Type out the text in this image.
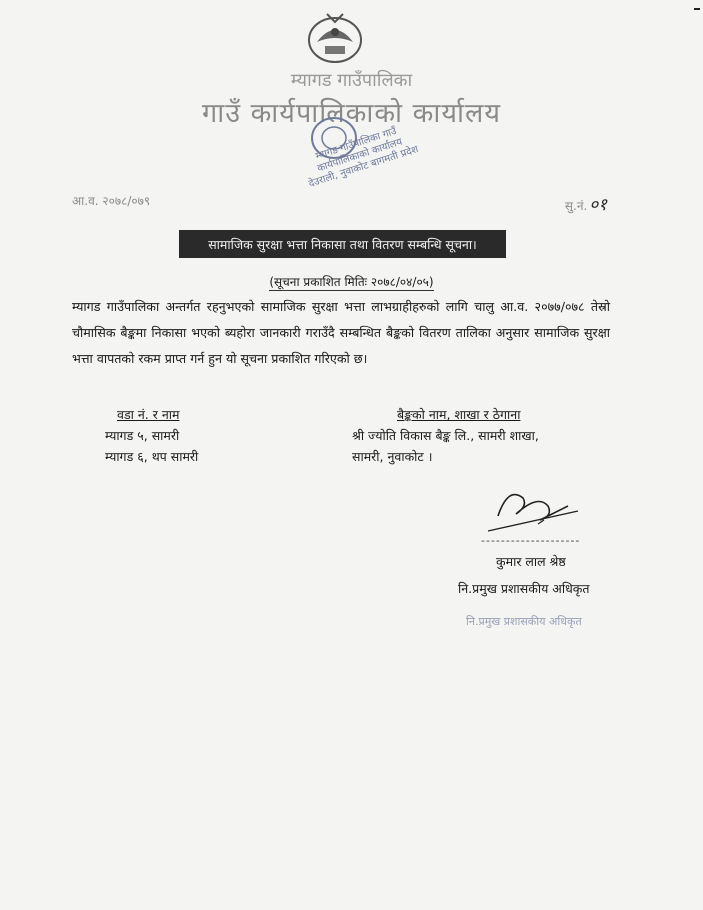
म्यागड गाउँपालिका
गाउँ कार्यपालिकाको कार्यालय
म्यागड गाउँपालिका गाउँ कार्यपालिकाको कार्यालय देउराली, नुवाकोट बागमती प्रदेश
आ.व. २०७८/०७९	सु.नं. ०१
सामाजिक सुरक्षा भत्ता निकासा तथा वितरण सम्बन्धि सूचना।
(सूचना प्रकाशित मितिः २०७८/०४/०५)
म्यागड गाउँपालिका अन्तर्गत रहनुभएको सामाजिक सुरक्षा भत्ता लाभग्राहीहरुको लागि चालु आ.व. २०७७/०७८ तेस्रो चौमासिक बैङ्कमा निकासा भएको ब्यहोरा जानकारी गराउँदै सम्बन्धित बैङ्कको वितरण तालिका अनुसार सामाजिक सुरक्षा भत्ता वापतको रकम प्राप्त गर्न हुन यो सूचना प्रकाशित गरिएको छ।
वडा नं. र नाम
म्यागड ५, सामरी
म्यागड ६, थप सामरी
बैङ्कको नाम, शाखा र ठेगाना
श्री ज्योति विकास बैङ्क लि., सामरी शाखा,
सामरी, नुवाकोट ।
--------------------
कुमार लाल श्रेष्ठ
नि.प्रमुख प्रशासकीय अधिकृत
नि.प्रमुख प्रशासकीय अधिकृत
